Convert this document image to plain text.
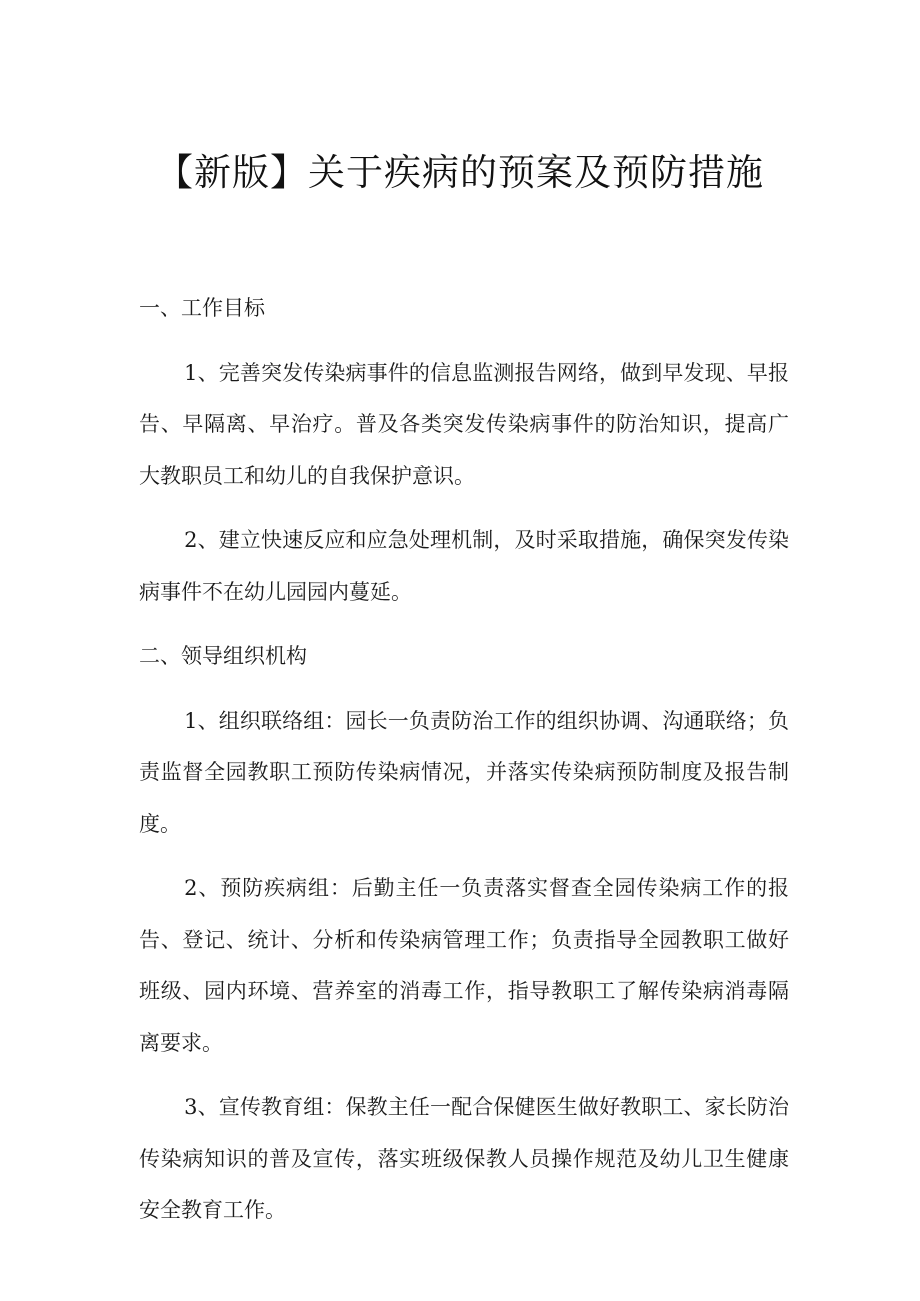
【新版】关于疾病的预案及预防措施

一、工作目标

1、完善突发传染病事件的信息监测报告网络，做到早发现、早报告、早隔离、早治疗。普及各类突发传染病事件的防治知识，提高广大教职员工和幼儿的自我保护意识。

2、建立快速反应和应急处理机制，及时采取措施，确保突发传染病事件不在幼儿园园内蔓延。

二、领导组织机构

1、组织联络组：园长一负责防治工作的组织协调、沟通联络；负责监督全园教职工预防传染病情况，并落实传染病预防制度及报告制度。

2、预防疾病组：后勤主任一负责落实督查全园传染病工作的报告、登记、统计、分析和传染病管理工作；负责指导全园教职工做好班级、园内环境、营养室的消毒工作，指导教职工了解传染病消毒隔离要求。

3、宣传教育组：保教主任一配合保健医生做好教职工、家长防治传染病知识的普及宣传，落实班级保教人员操作规范及幼儿卫生健康安全教育工作。
